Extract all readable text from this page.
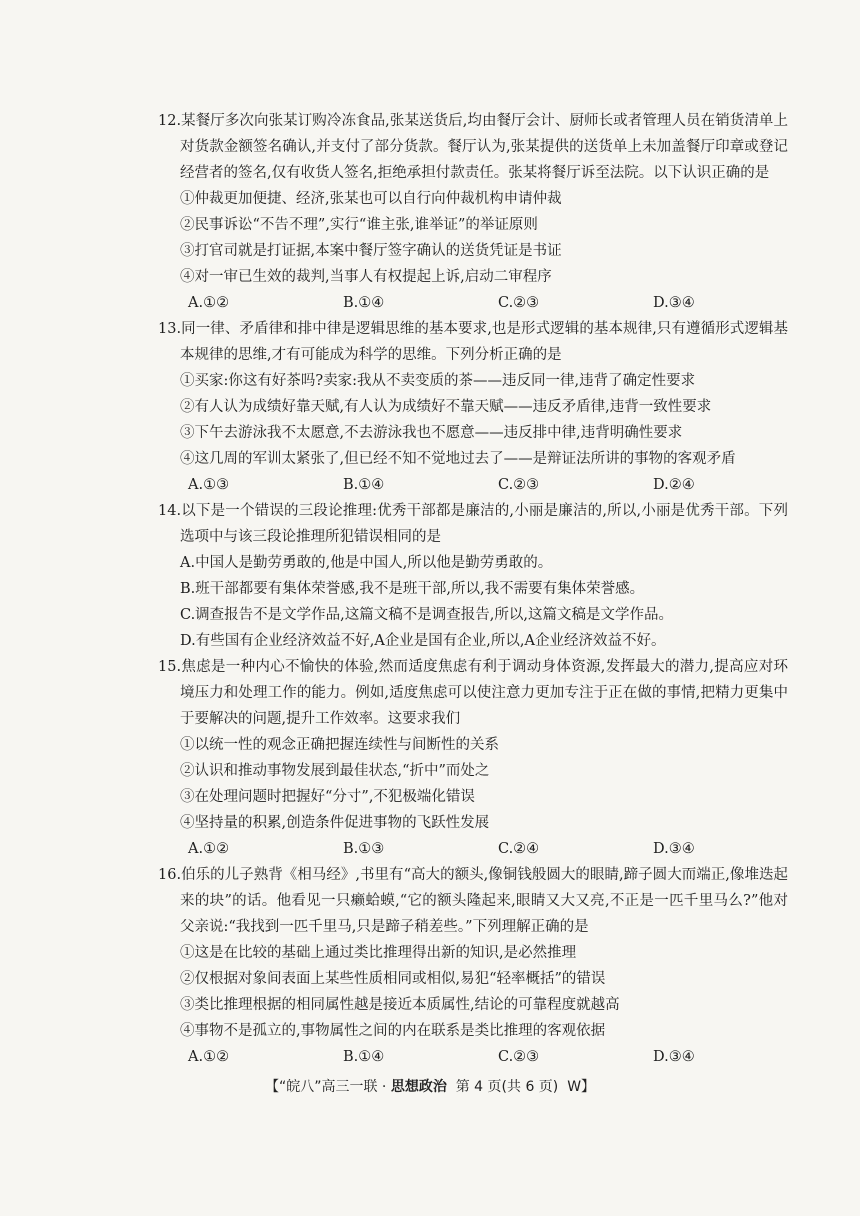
12.某餐厅多次向张某订购冷冻食品,张某送货后,均由餐厅会计、厨师长或者管理人员在销货清单上对货款金额签名确认,并支付了部分货款。餐厅认为,张某提供的送货单上未加盖餐厅印章或登记经营者的签名,仅有收货人签名,拒绝承担付款责任。张某将餐厅诉至法院。以下认识正确的是
①仲裁更加便捷、经济,张某也可以自行向仲裁机构申请仲裁
②民事诉讼“不告不理”,实行“谁主张,谁举证”的举证原则
③打官司就是打证据,本案中餐厅签字确认的送货凭证是书证
④对一审已生效的裁判,当事人有权提起上诉,启动二审程序
A.①②	B.①④	C.②③	D.③④
13.同一律、矛盾律和排中律是逻辑思维的基本要求,也是形式逻辑的基本规律,只有遵循形式逻辑基本规律的思维,才有可能成为科学的思维。下列分析正确的是
①买家:你这有好茶吗?卖家:我从不卖变质的茶——违反同一律,违背了确定性要求
②有人认为成绩好靠天赋,有人认为成绩好不靠天赋——违反矛盾律,违背一致性要求
③下午去游泳我不太愿意,不去游泳我也不愿意——违反排中律,违背明确性要求
④这几周的军训太紧张了,但已经不知不觉地过去了——是辩证法所讲的事物的客观矛盾
A.①③	B.①④	C.②③	D.②④
14.以下是一个错误的三段论推理:优秀干部都是廉洁的,小丽是廉洁的,所以,小丽是优秀干部。下列选项中与该三段论推理所犯错误相同的是
A.中国人是勤劳勇敢的,他是中国人,所以他是勤劳勇敢的。
B.班干部都要有集体荣誉感,我不是班干部,所以,我不需要有集体荣誉感。
C.调查报告不是文学作品,这篇文稿不是调查报告,所以,这篇文稿是文学作品。
D.有些国有企业经济效益不好,A企业是国有企业,所以,A企业经济效益不好。
15.焦虑是一种内心不愉快的体验,然而适度焦虑有利于调动身体资源,发挥最大的潜力,提高应对环境压力和处理工作的能力。例如,适度焦虑可以使注意力更加专注于正在做的事情,把精力更集中于要解决的问题,提升工作效率。这要求我们
①以统一性的观念正确把握连续性与间断性的关系
②认识和推动事物发展到最佳状态,“折中”而处之
③在处理问题时把握好“分寸”,不犯极端化错误
④坚持量的积累,创造条件促进事物的飞跃性发展
A.①②	B.①③	C.②④	D.③④
16.伯乐的儿子熟背《相马经》,书里有“高大的额头,像铜钱般圆大的眼睛,蹄子圆大而端正,像堆迭起来的块”的话。他看见一只癞蛤蟆,“它的额头隆起来,眼睛又大又亮,不正是一匹千里马么?”他对父亲说:“我找到一匹千里马,只是蹄子稍差些。”下列理解正确的是
①这是在比较的基础上通过类比推理得出新的知识,是必然推理
②仅根据对象间表面上某些性质相同或相似,易犯“轻率概括”的错误
③类比推理根据的相同属性越是接近本质属性,结论的可靠程度就越高
④事物不是孤立的,事物属性之间的内在联系是类比推理的客观依据
A.①②	B.①④	C.②③	D.③④
【“皖八”高三一联 · 思想政治 第 4 页(共 6 页) W】
